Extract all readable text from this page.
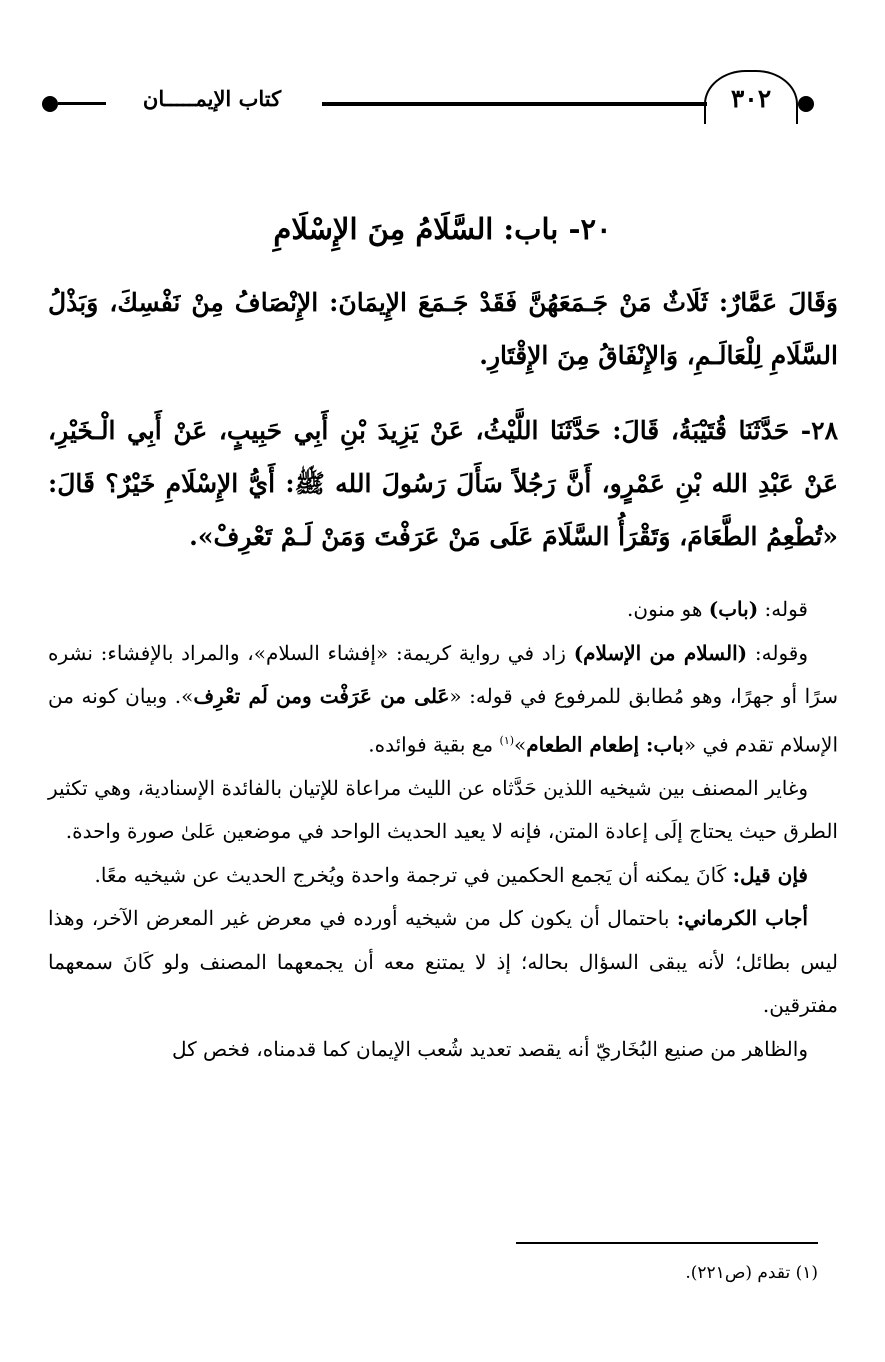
٣٠٢
كتاب الإيمـــــان
٢٠- باب: السَّلَامُ مِنَ الإِسْلَامِ
وَقَالَ عَمَّارٌ: ثَلَاثٌ مَنْ جَـمَعَهُنَّ فَقَدْ جَـمَعَ الإِيمَانَ: الإِنْصَافُ مِنْ نَفْسِكَ، وَبَذْلُ السَّلَامِ لِلْعَالَـمِ، وَالإِنْفَاقُ مِنَ الإِقْتَارِ.
٢٨- حَدَّثَنَا قُتَيْبَةُ، قَالَ: حَدَّثَنَا اللَّيْثُ، عَنْ يَزِيدَ بْنِ أَبِي حَبِيبٍ، عَنْ أَبِي الْـخَيْرِ، عَنْ عَبْدِ الله بْنِ عَمْرٍو، أَنَّ رَجُلاً سَأَلَ رَسُولَ الله ﷺ: أَيُّ الإِسْلَامِ خَيْرٌ؟ قَالَ: «تُطْعِمُ الطَّعَامَ، وَتَقْرَأُ السَّلَامَ عَلَى مَنْ عَرَفْتَ وَمَنْ لَـمْ تَعْرِفْ».

قوله: (باب) هو منون.

وقوله: (السلام من الإسلام) زاد في رواية كريمة: «إفشاء السلام»، والمراد بالإفشاء: نشره سرًا أو جهرًا، وهو مُطابق للمرفوع في قوله: «عَلى من عَرَفْت ومن لَم تعْرِف». وبيان كونه من الإسلام تقدم في «باب: إطعام الطعام»$^{(١)}$ مع بقية فوائده.

وغاير المصنف بين شيخيه اللذين حَدَّثاه عن الليث مراعاة للإتيان بالفائدة الإسنادية، وهي تكثير الطرق حيث يحتاج إلَى إعادة المتن، فإنه لا يعيد الحديث الواحد في موضعين عَلىٰ صورة واحدة.

فإن قيل: كَانَ يمكنه أن يَجمع الحكمين في ترجمة واحدة ويُخرج الحديث عن شيخيه معًا.

أجاب الكرماني: باحتمال أن يكون كل من شيخيه أورده في معرض غير المعرض الآخر، وهذا ليس بطائل؛ لأنه يبقى السؤال بحاله؛ إذ لا يمتنع معه أن يجمعهما المصنف ولو كَانَ سمعهما مفترقين.

والظاهر من صنيع البُخَاريّ أنه يقصد تعديد شُعب الإيمان كما قدمناه، فخص كل

(١) تقدم (ص٢٢١).
